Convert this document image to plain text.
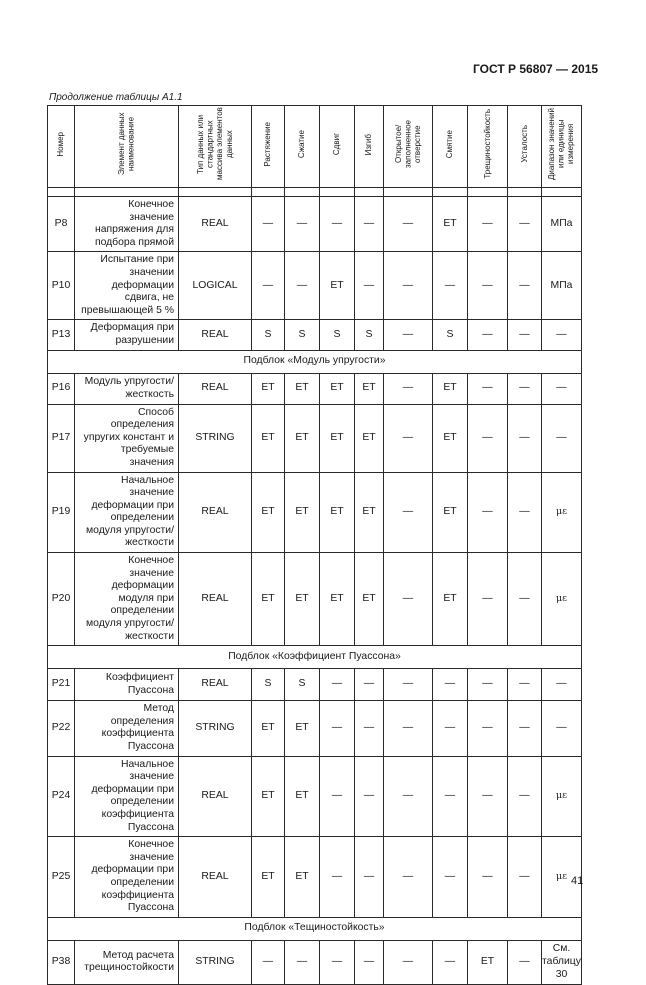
ГОСТ Р 56807 — 2015
Продолжение таблицы А1.1
Номер	Элемент данных наименование	Тип данных или стандартных массива элементов данных	Растяжение	Сжатие	Сдвиг	Изгиб	Открытое/заполненное отверстие	Смятие	Трещиностойкость	Усталость	Диапазон значений или единицы измерения

P8	Конечное значение напряжения для подбора прямой	REAL	—	—	—	—	—	ET	—	—	МПа
P10	Испытание при значении деформации сдвига, не превышающей 5 %	LOGICAL	—	—	ET	—	—	—	—	—	МПа
P13	Деформация при разрушении	REAL	S	S	S	S	—	S	—	—	—
Подблок «Модуль упругости»											
P16	Модуль упругости/жесткость	REAL	ET	ET	ET	ET	—	ET	—	—	—
P17	Способ определения упругих констант и требуемые значения	STRING	ET	ET	ET	ET	—	ET	—	—	—
P19	Начальное значение деформации при определении модуля упругости/жесткости	REAL	ET	ET	ET	ET	—	ET	—	—	με
P20	Конечное значение деформации модуля при определении модуля упругости/жесткости	REAL	ET	ET	ET	ET	—	ET	—	—	με
Подблок «Коэффициент Пуассона»											
P21	Коэффициент Пуассона	REAL	S	S	—	—	—	—	—	—	—
P22	Метод определения коэффициента Пуассона	STRING	ET	ET	—	—	—	—	—	—	—
P24	Начальное значение деформации при определении коэффициента Пуассона	REAL	ET	ET	—	—	—	—	—	—	με
P25	Конечное значение деформации при определении коэффициента Пуассона	REAL	ET	ET	—	—	—	—	—	—	με
Подблок «Тещиностойкость»											
P38	Метод расчета трещиностойкости	STRING	—	—	—	—	—	—	ET	—	См. таблицу 30
41
